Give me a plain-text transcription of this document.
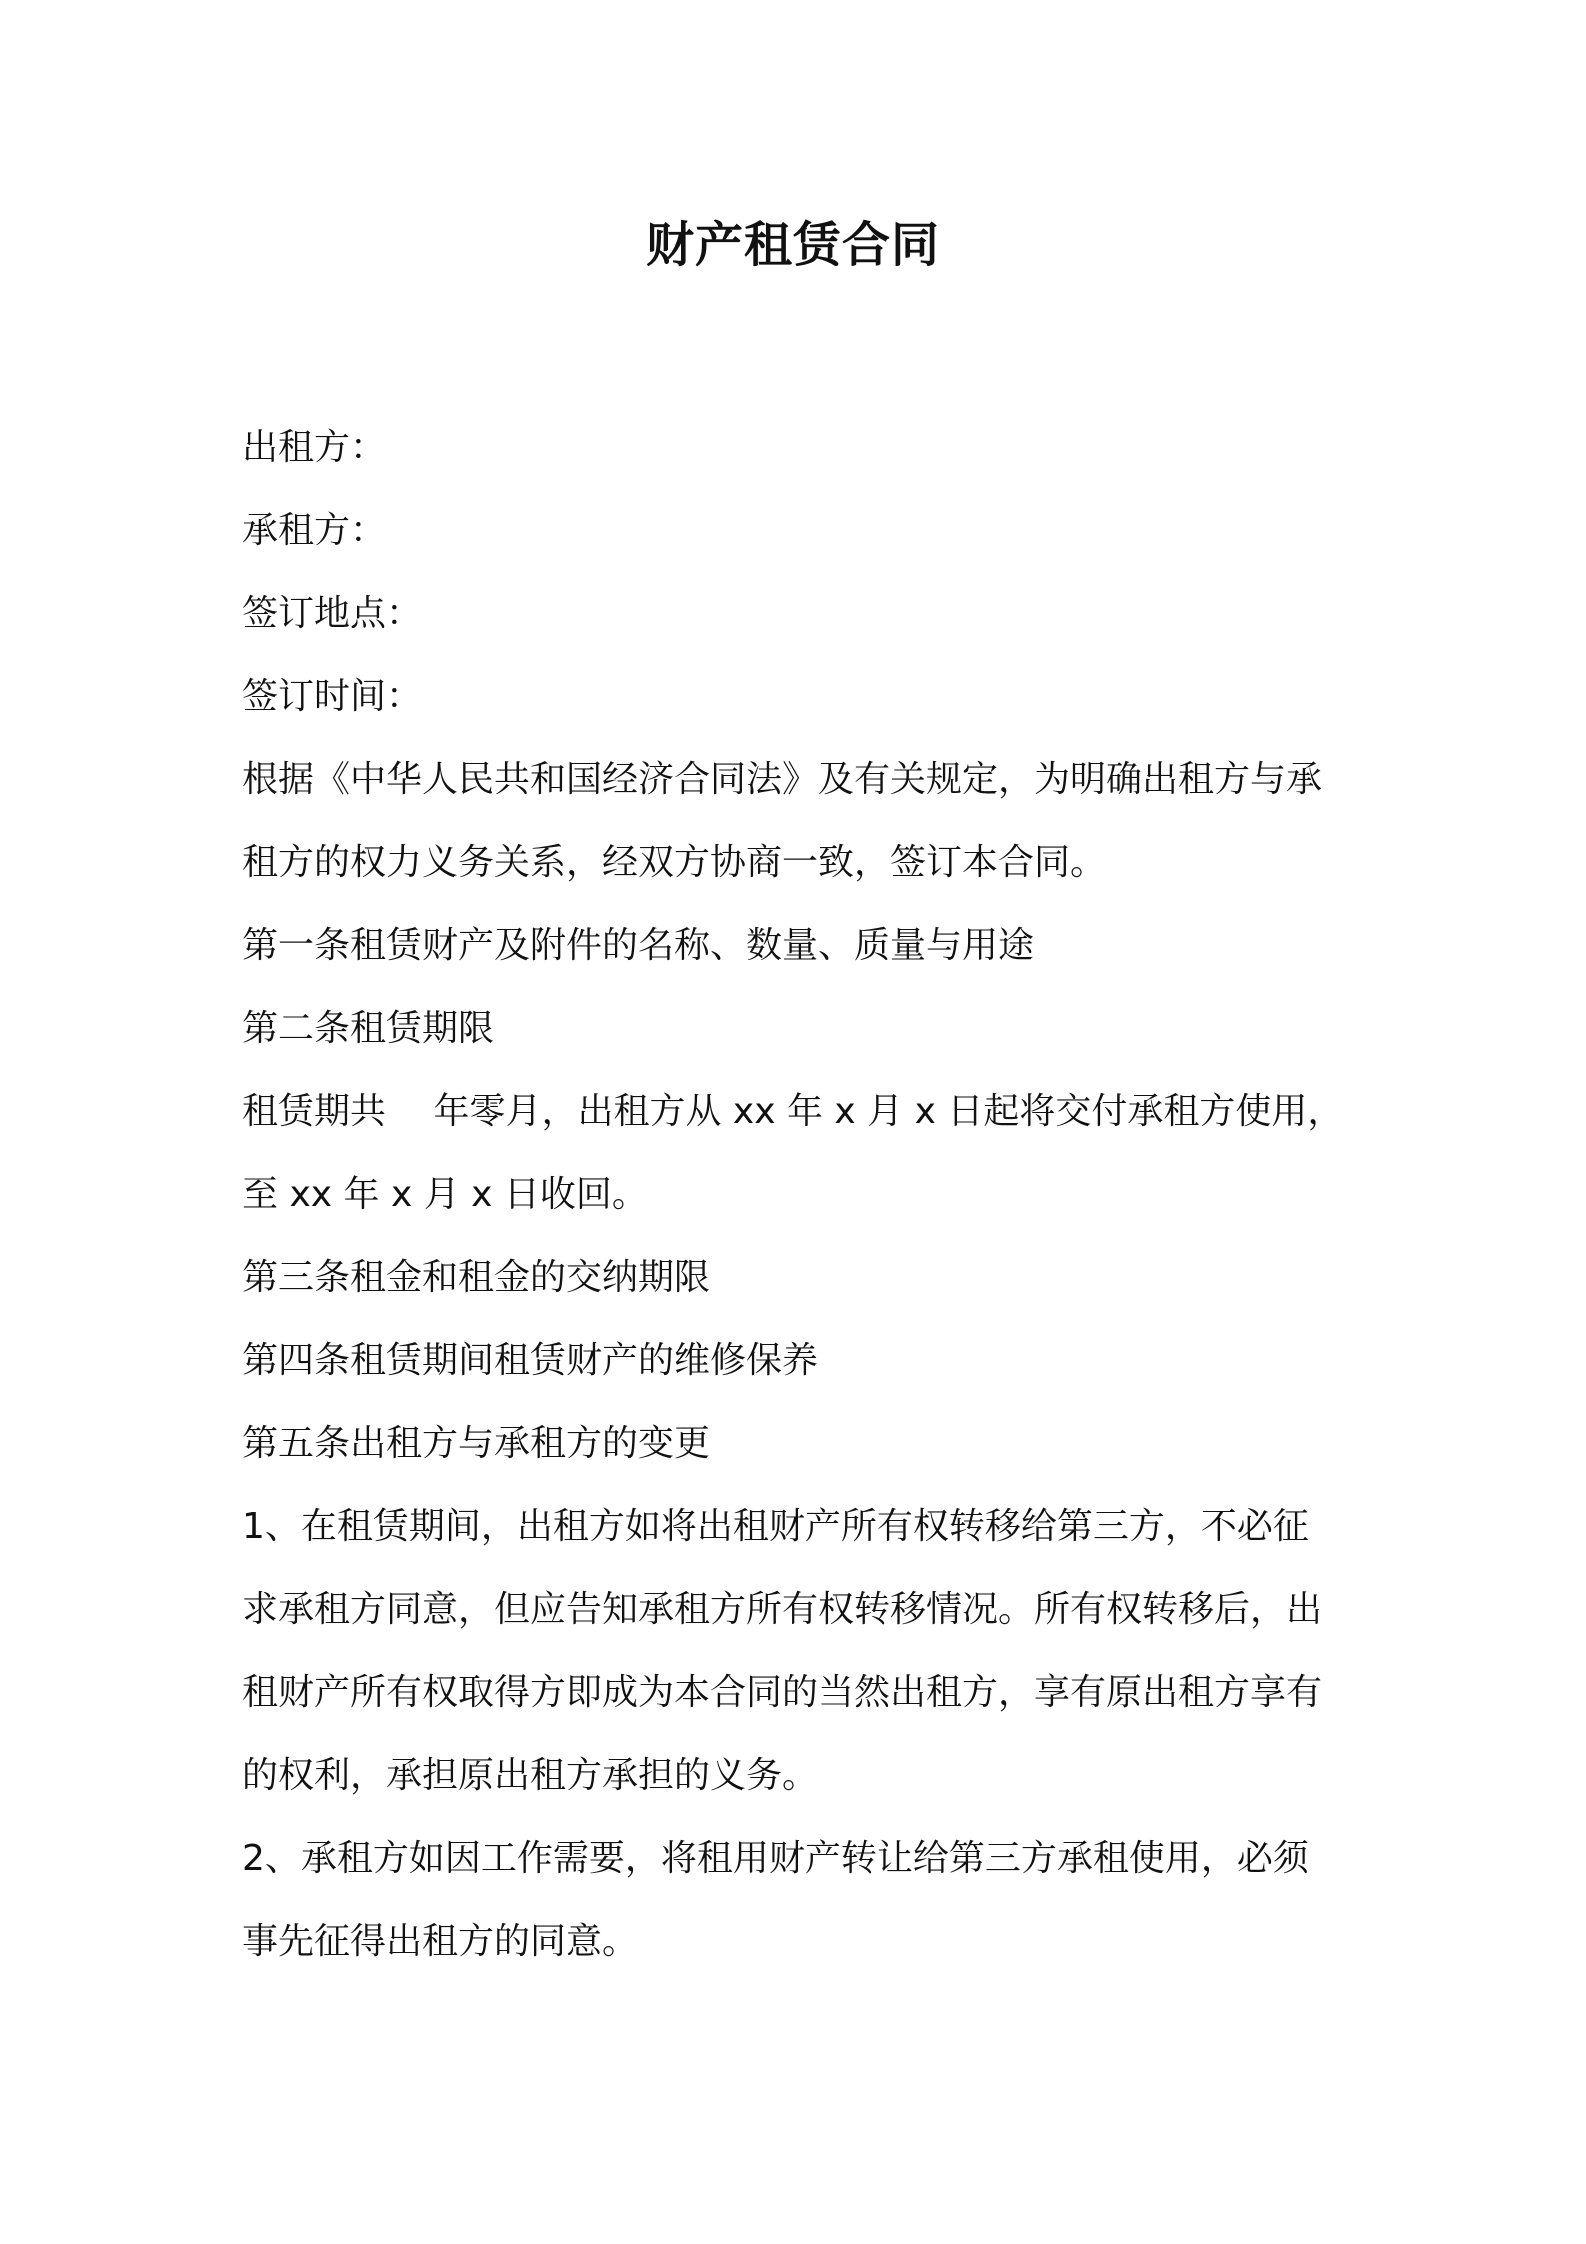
财产租赁合同
出租方：
承租方：
签订地点：
签订时间：
根据《中华人民共和国经济合同法》及有关规定，为明确出租方与承
租方的权力义务关系，经双方协商一致，签订本合同。
第一条租赁财产及附件的名称、数量、质量与用途
第二条租赁期限
租赁期共　 年零月，出租方从 xx 年 x 月 x 日起将交付承租方使用，
至 xx 年 x 月 x 日收回。
第三条租金和租金的交纳期限
第四条租赁期间租赁财产的维修保养
第五条出租方与承租方的变更
1、在租赁期间，出租方如将出租财产所有权转移给第三方，不必征
求承租方同意，但应告知承租方所有权转移情况。所有权转移后，出
租财产所有权取得方即成为本合同的当然出租方，享有原出租方享有
的权利，承担原出租方承担的义务。
2、承租方如因工作需要，将租用财产转让给第三方承租使用，必须
事先征得出租方的同意。
